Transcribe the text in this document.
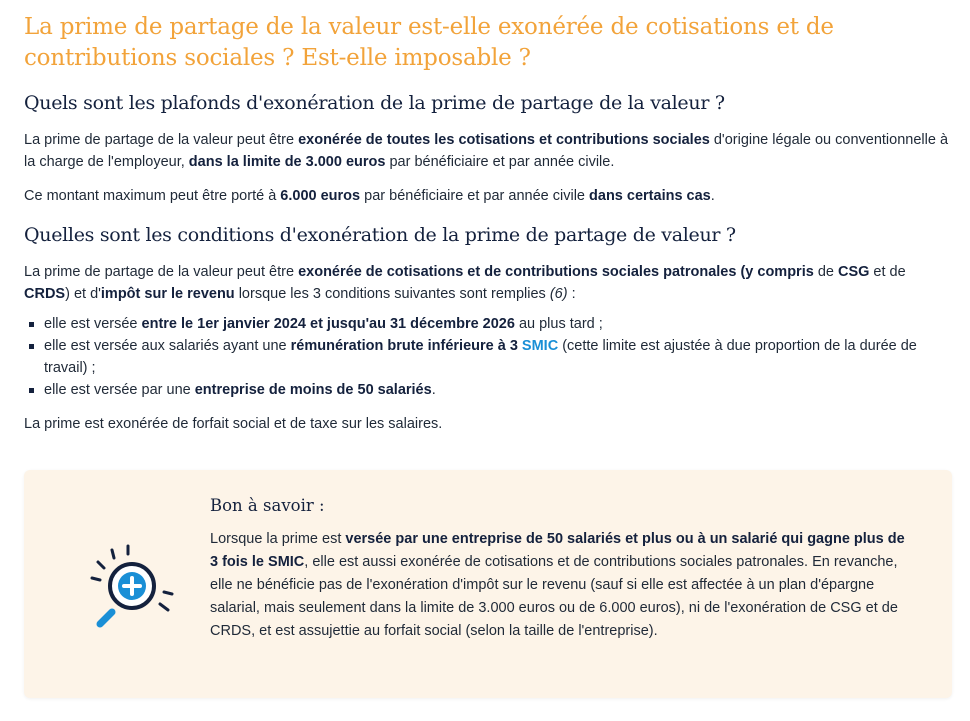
La prime de partage de la valeur est-elle exonérée de cotisations et de contributions sociales ? Est-elle imposable ?
Quels sont les plafonds d'exonération de la prime de partage de la valeur ?

La prime de partage de la valeur peut être exonérée de toutes les cotisations et contributions sociales d'origine légale ou conventionnelle à la charge de l'employeur, dans la limite de 3.000 euros par bénéficiaire et par année civile.

Ce montant maximum peut être porté à 6.000 euros par bénéficiaire et par année civile dans certains cas.

Quelles sont les conditions d'exonération de la prime de partage de valeur ?

La prime de partage de la valeur peut être exonérée de cotisations et de contributions sociales patronales (y compris de CSG et de CRDS) et d'impôt sur le revenu lorsque les 3 conditions suivantes sont remplies (6) :

elle est versée entre le 1er janvier 2024 et jusqu'au 31 décembre 2026 au plus tard ;
elle est versée aux salariés ayant une rémunération brute inférieure à 3 SMIC (cette limite est ajustée à due proportion de la durée de travail) ;
elle est versée par une entreprise de moins de 50 salariés.

La prime est exonérée de forfait social et de taxe sur les salaires.

Bon à savoir :

Lorsque la prime est versée par une entreprise de 50 salariés et plus ou à un salarié qui gagne plus de 3 fois le SMIC, elle est aussi exonérée de cotisations et de contributions sociales patronales. En revanche, elle ne bénéficie pas de l'exonération d'impôt sur le revenu (sauf si elle est affectée à un plan d'épargne salarial, mais seulement dans la limite de 3.000 euros ou de 6.000 euros), ni de l'exonération de CSG et de CRDS, et est assujettie au forfait social (selon la taille de l'entreprise).
